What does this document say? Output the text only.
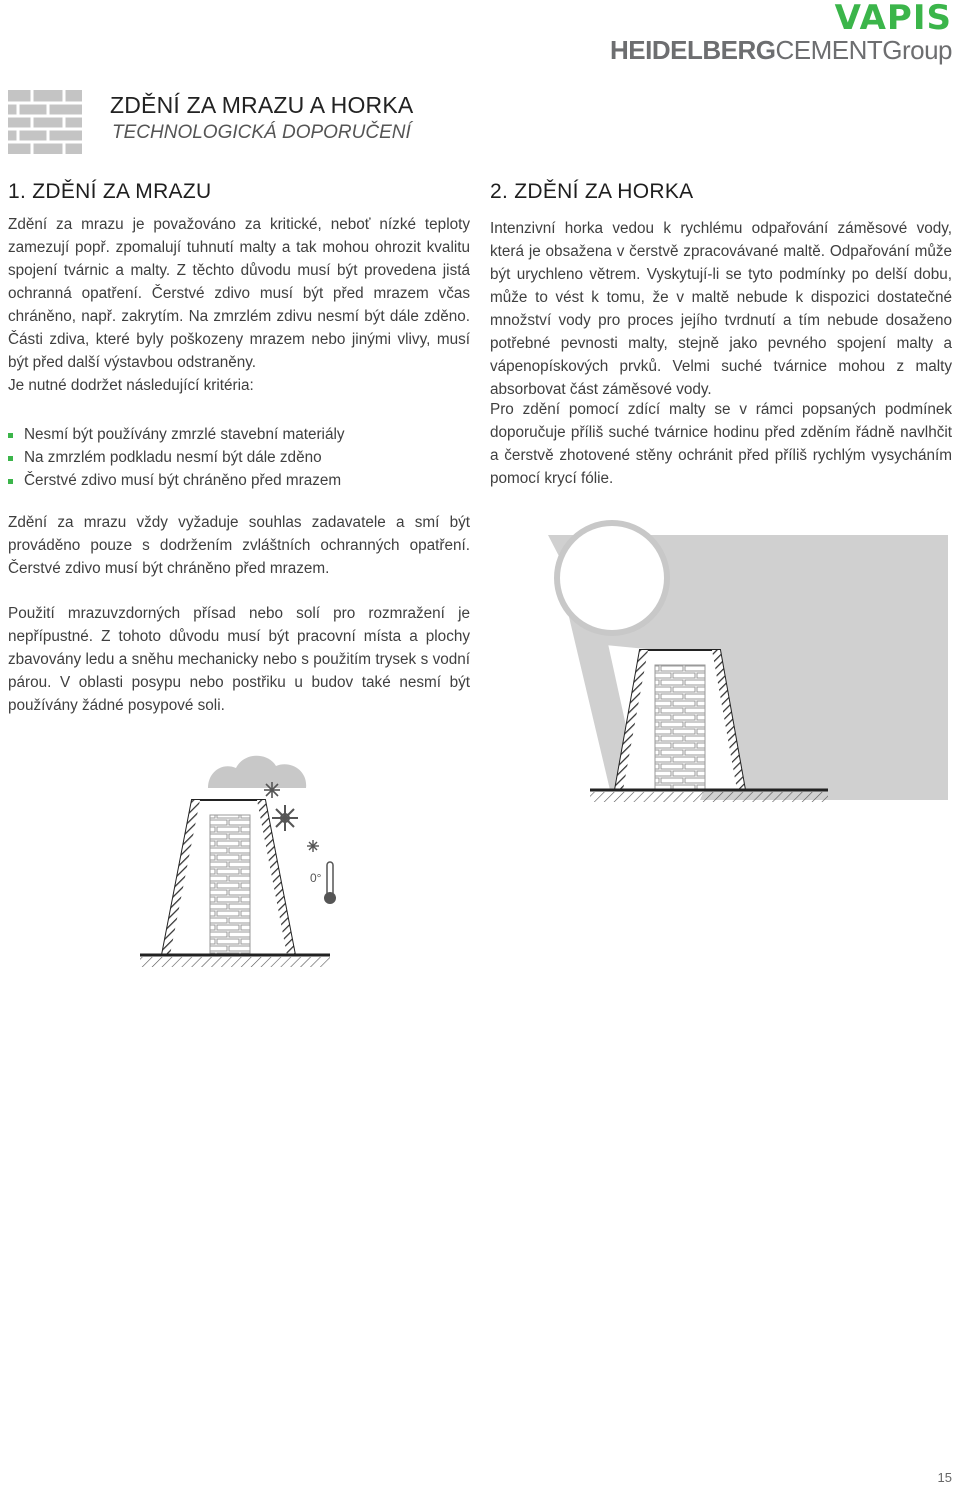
VAPIS
HEIDELBERGCEMENTGroup
ZDĚNÍ ZA MRAZU A HORKA
TECHNOLOGICKÁ DOPORUČENÍ
1. ZDĚNÍ ZA MRAZU

Zdění za mrazu je považováno za kritické, neboť nízké teploty zamezují popř. zpomalují tuhnutí malty a tak mohou ohrozit kvalitu spojení tvárnic a malty. Z těchto důvodu musí být provedena jistá ochranná opatření. Čerstvé zdivo musí být před mrazem včas chráněno, např. zakrytím. Na zmrzlém zdivu nesmí být dále zděno. Části zdiva, které byly poškozeny mrazem nebo jinými vlivy, musí být před další výstavbou odstraněny.

Je nutné dodržet následující kritéria:
Nesmí být používány zmrzlé stavební materiály
Na zmrzlém podkladu nesmí být dále zděno
Čerstvé zdivo musí být chráněno před mrazem
Zdění za mrazu vždy vyžaduje souhlas zadavatele a smí být prováděno pouze s dodržením zvláštních ochranných opatření. Čerstvé zdivo musí být chráněno před mrazem.
Použití mrazuvzdorných přísad nebo solí pro rozmražení je nepřípustné. Z tohoto důvodu musí být pracovní místa a plochy zbavovány ledu a sněhu mechanicky nebo s použitím trysek s vodní párou. V oblasti posypu nebo postřiku u budov také nesmí být používány žádné posypové soli.
2. ZDĚNÍ ZA HORKA
Intenzivní horka vedou k rychlému odpařování záměsové vody, která je obsažena v čerstvě zpracovávané maltě. Odpařování může být urychleno větrem. Vyskytují-li se tyto podmínky po delší dobu, může to vést k tomu, že v maltě nebude k dispozici dostatečné množství vody pro proces jejího tvrdnutí a tím nebude dosaženo potřebné pevnosti malty, stejně jako pevného spojení malty a vápenopískových prvků. Velmi suché tvárnice mohou z malty absorbovat část záměsové vody.
Pro zdění pomocí zdící malty se v rámci popsaných podmínek doporučuje příliš suché tvárnice hodinu před zděním řádně navlhčit a čerstvě zhotovené stěny ochránit před příliš rychlým vysycháním pomocí krycí fólie.
0°
15
